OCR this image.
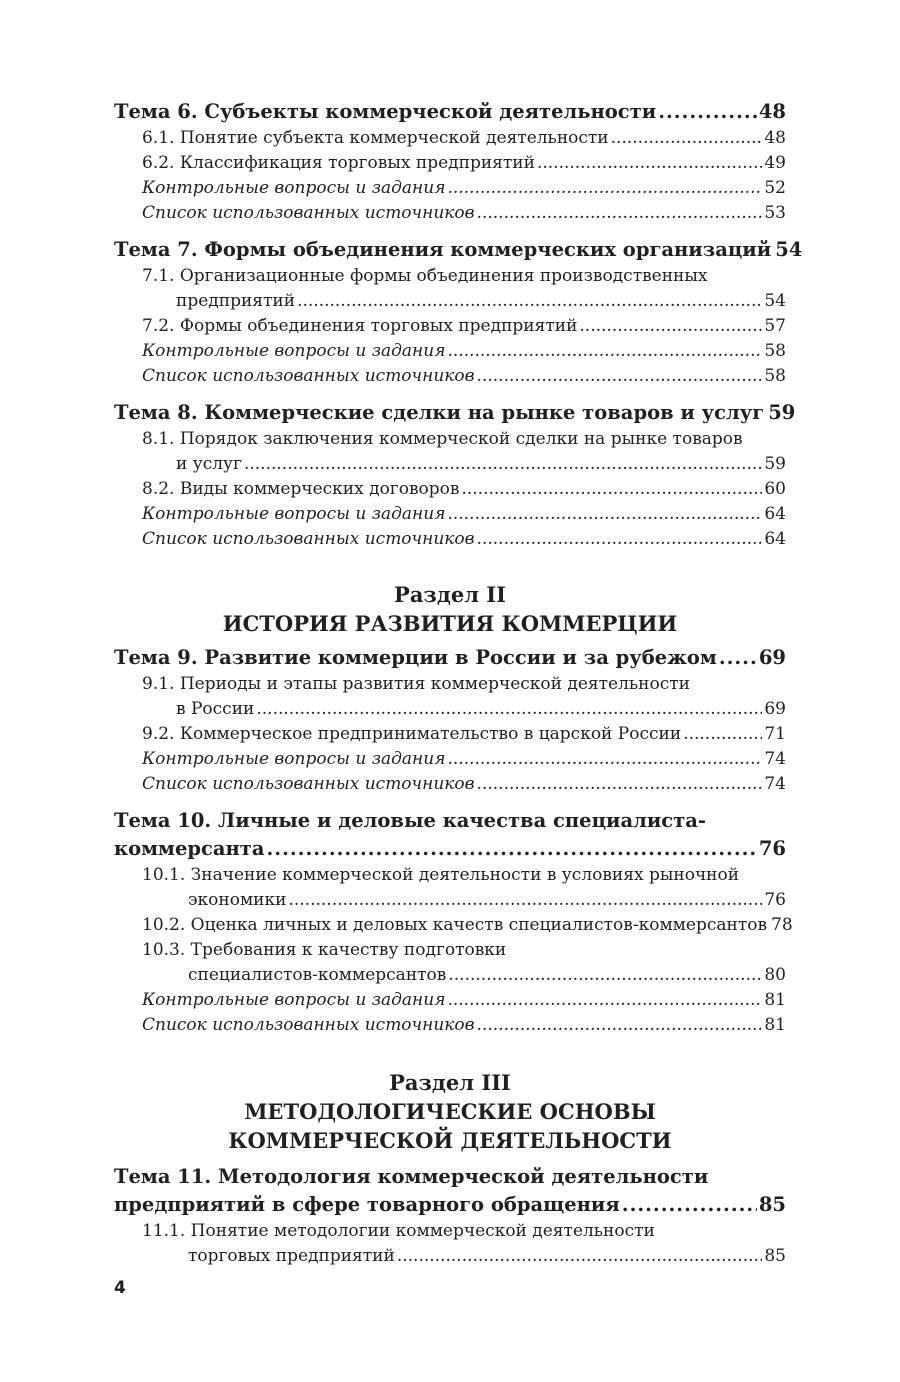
Тема 6. Субъекты коммерческой деятельности .....	48
6.1. Понятие субъекта коммерческой деятельности .....	48
6.2. Классификация торговых предприятий .....	49
Контрольные вопросы и задания .....	52
Список использованных источников .....	53
Тема 7. Формы объединения коммерческих организаций 54
7.1. Организационные формы объединения производственных
предприятий .....	54
7.2. Формы объединения торговых предприятий .....	57
Контрольные вопросы и задания .....	58
Список использованных источников .....	58
Тема 8. Коммерческие сделки на рынке товаров и услуг 59
8.1. Порядок заключения коммерческой сделки на рынке товаров
и услуг .....	59
8.2. Виды коммерческих договоров .....	60
Контрольные вопросы и задания .....	64
Список использованных источников .....	64
Раздел II
ИСТОРИЯ РАЗВИТИЯ КОММЕРЦИИ
Тема 9. Развитие коммерции в России и за рубежом ..... 69
9.1. Периоды и этапы развития коммерческой деятельности
в России .....	69
9.2. Коммерческое предпринимательство в царской России .....	71
Контрольные вопросы и задания .....	74
Список использованных источников .....	74
Тема 10. Личные и деловые качества специалиста-
коммерсанта .....	76
10.1. Значение коммерческой деятельности в условиях рыночной
экономики .....	76
10.2. Оценка личных и деловых качеств специалистов-коммерсантов 78
10.3. Требования к качеству подготовки
специалистов-коммерсантов .....	80
Контрольные вопросы и задания .....	81
Список использованных источников .....	81
Раздел III
МЕТОДОЛОГИЧЕСКИЕ ОСНОВЫ
КОММЕРЧЕСКОЙ ДЕЯТЕЛЬНОСТИ
Тема 11. Методология коммерческой деятельности
предприятий в сфере товарного обращения .....	85
11.1. Понятие методологии коммерческой деятельности
торговых предприятий .....	85
4
